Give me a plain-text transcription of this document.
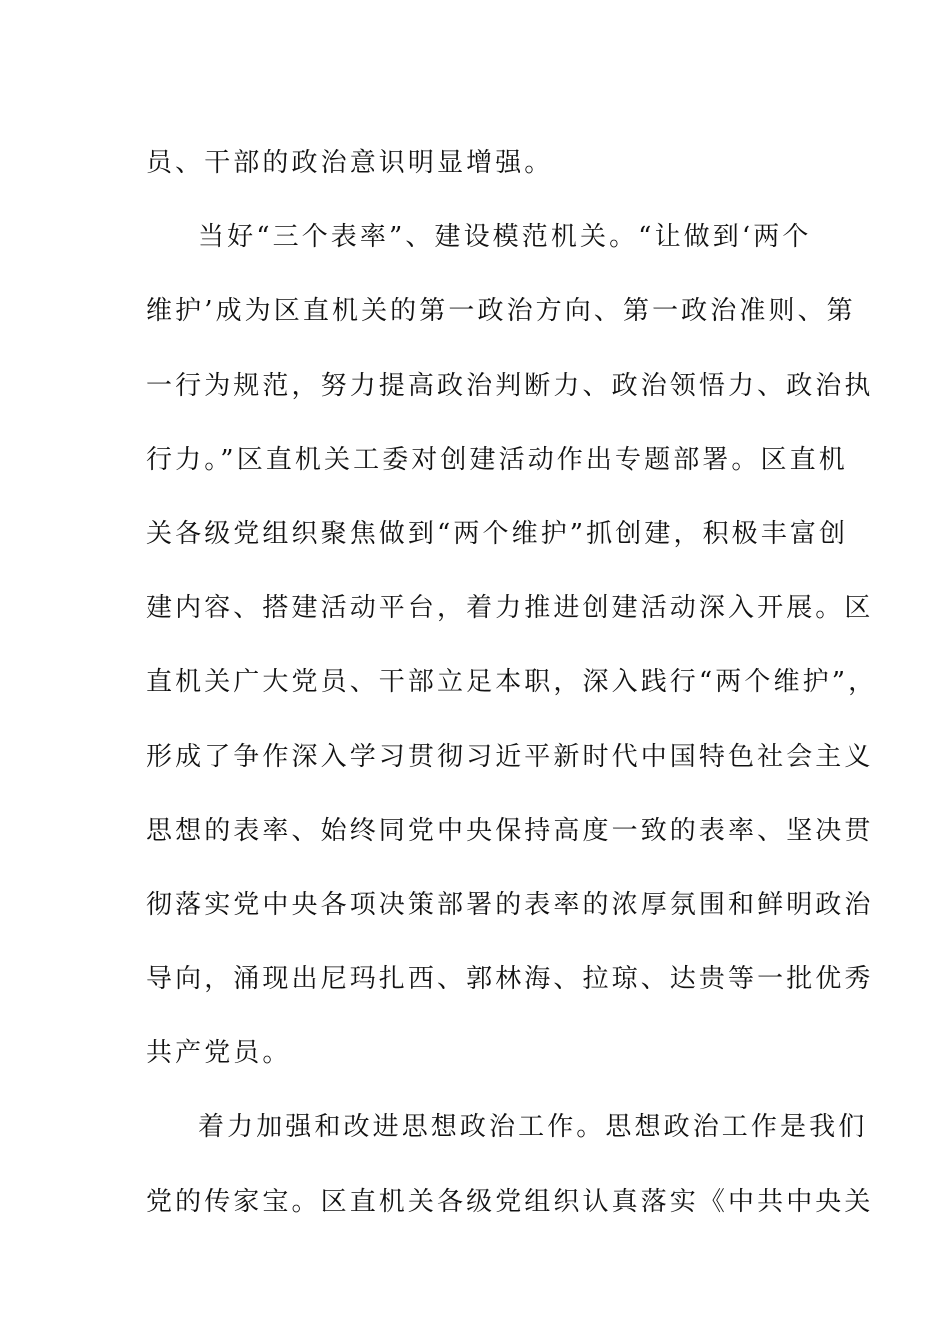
员、干部的政治意识明显增强。
当好“三个表率”、建设模范机关。“让做到‘两个
维护’成为区直机关的第一政治方向、第一政治准则、第
一行为规范，努力提高政治判断力、政治领悟力、政治执
行力。”区直机关工委对创建活动作出专题部署。区直机
关各级党组织聚焦做到“两个维护”抓创建，积极丰富创
建内容、搭建活动平台，着力推进创建活动深入开展。区
直机关广大党员、干部立足本职，深入践行“两个维护”，
形成了争作深入学习贯彻习近平新时代中国特色社会主义
思想的表率、始终同党中央保持高度一致的表率、坚决贯
彻落实党中央各项决策部署的表率的浓厚氛围和鲜明政治
导向，涌现出尼玛扎西、郭林海、拉琼、达贵等一批优秀
共产党员。
着力加强和改进思想政治工作。思想政治工作是我们
党的传家宝。区直机关各级党组织认真落实《中共中央关
